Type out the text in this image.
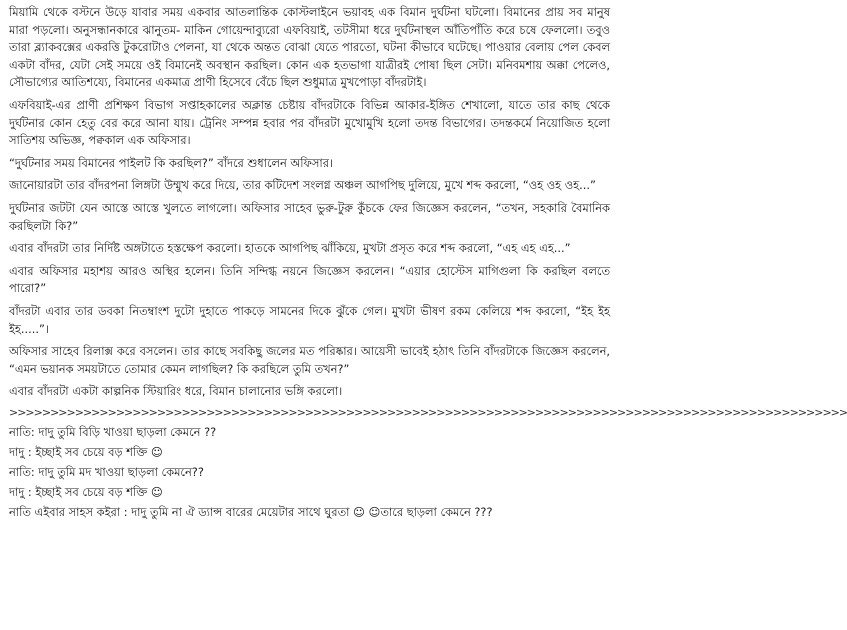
মিয়ামি থেকে বস্টনে উড়ে যাবার সময় একবার আতলান্তিক কোস্টলাইনে ভয়াবহ এক বিমান দুর্ঘটনা ঘটলো। বিমানের প্রায় সব মানুষ মারা পড়লো। অনুসন্ধানকারে ঝানুতম- মাকিন গোয়েন্দাব্যুরো এফবিয়াই, তটসীমা ধরে দুর্ঘটনাস্থল আঁতিপাঁতি করে চষে ফেললো। তবুও তারা ব্ল্যাকবক্সের একরত্তি টুকরোটাও পেলনা, যা থেকে অন্তত বোঝা যেতে পারতো, ঘটনা কীভাবে ঘটেছে। পাওয়ার বেলায় পেল কেবল একটা বাঁদর, যেটা সেই সময়ে ওই বিমানেই অবস্থান করছিল। কোন এক হতভাগা যাত্রীরই পোষা ছিল সেটা। মনিবমশায় অক্কা পেলেও, সৌভাগ্যের আতিশয্যে, বিমানের একমাত্র প্রাণী হিসেবে বেঁচে ছিল শুধুমাত্র মুখপোড়া বাঁদরটাই।

এফবিয়াই-এর প্রাণী প্রশিক্ষণ বিভাগ সপ্তাহকালের অক্লান্ত চেষ্টায় বাঁদরটাকে বিভিন্ন আকার-ইঙ্গিত শেখালো, যাতে তার কাছ থেকে দুর্ঘটনার কোন হেতু বের করে আনা যায়। ট্রেনিং সম্পন্ন হবার পর বাঁদরটা মুখোমুখি হলো তদন্ত বিভাগের। তদন্তকর্মে নিয়োজিত হলো সাতিশয় অভিজ্ঞ, পক্বকাল এক অফিসার।

“দুর্ঘটনার সময় বিমানের পাইলট কি করছিল?” বাঁদরে শুধালেন অফিসার।

জানোয়ারটা তার বাঁদরপনা লিঙ্গটা উম্মুখ করে দিয়ে, তার কটিদেশ সংলগ্ন অঞ্চল আগপিছ দুলিয়ে, মুখে শব্দ করলো, “ওহ ওহ ওহ...”

দুর্ঘটনার জটটা যেন আস্তে আস্তে খুলতে লাগলো। অফিসার সাহেব ভুরু-টুরু কুঁচকে ফের জিজ্ঞেস করলেন, “তখন, সহকারি বৈমানিক করছিলটা কি?”

এবার বাঁদরটা তার নির্দিষ্ট অঙ্গটাতে হস্তক্ষেপ করলো। হাতকে আগপিছ ঝাঁকিয়ে, মুখটা প্রসৃত করে শব্দ করলো, “এহ এহ এহ...”

এবার অফিসার মহাশয় আরও অস্থির হলেন। তিনি সন্দিগ্ধ নয়নে জিজ্ঞেস করলেন। “এয়ার হোস্টেস মাগিগুলা কি করছিল বলতে পারো?”

বাঁদরটা এবার তার ডবকা নিতম্বাংশ দুটো দুহাতে পাকড়ে সামনের দিকে ঝুঁকে গেল। মুখটা ভীষণ রকম কেলিয়ে শব্দ করলো, “ইহ ইহ ইহ.....”।

অফিসার সাহেব রিলাক্স করে বসলেন। তার কাছে সবকিছু জলের মত পরিষ্কার। আয়েসী ভাবেই হঠাৎ তিনি বাঁদরটাকে জিজ্ঞেস করলেন, “এমন ভয়ানক সময়টাতে তোমার কেমন লাগছিল? কি করছিলে তুমি তখন?”

এবার বাঁদরটা একটা কাল্পনিক স্টিয়ারিং ধরে, বিমান চালানোর ভঙ্গি করলো।

>>>>>>>>>>>>>>>>>>>>>>>>>>>>>>>>>>>>>>>>>>>>>>>>>>>>>>>>>>>>>>>>>>>>>>>>>>>>>>>>>>>>>>>>>>>>>>>>>>>>>>

নাতি: দাদু তুমি বিড়ি খাওয়া ছাড়লা কেমনে ??

দাদু : ইচ্ছাই সব চেয়ে বড় শক্তি ☺

নাতি: দাদু তুমি মদ খাওয়া ছাড়লা কেমনে??

দাদু : ইচ্ছাই সব চেয়ে বড় শক্তি ☺

নাতি এইবার সাহস কইরা : দাদু তুমি না ঐ ড্যান্স বারের মেয়েটার সাথে ঘুরতা ☺ ☺তারে ছাড়লা কেমনে ???
